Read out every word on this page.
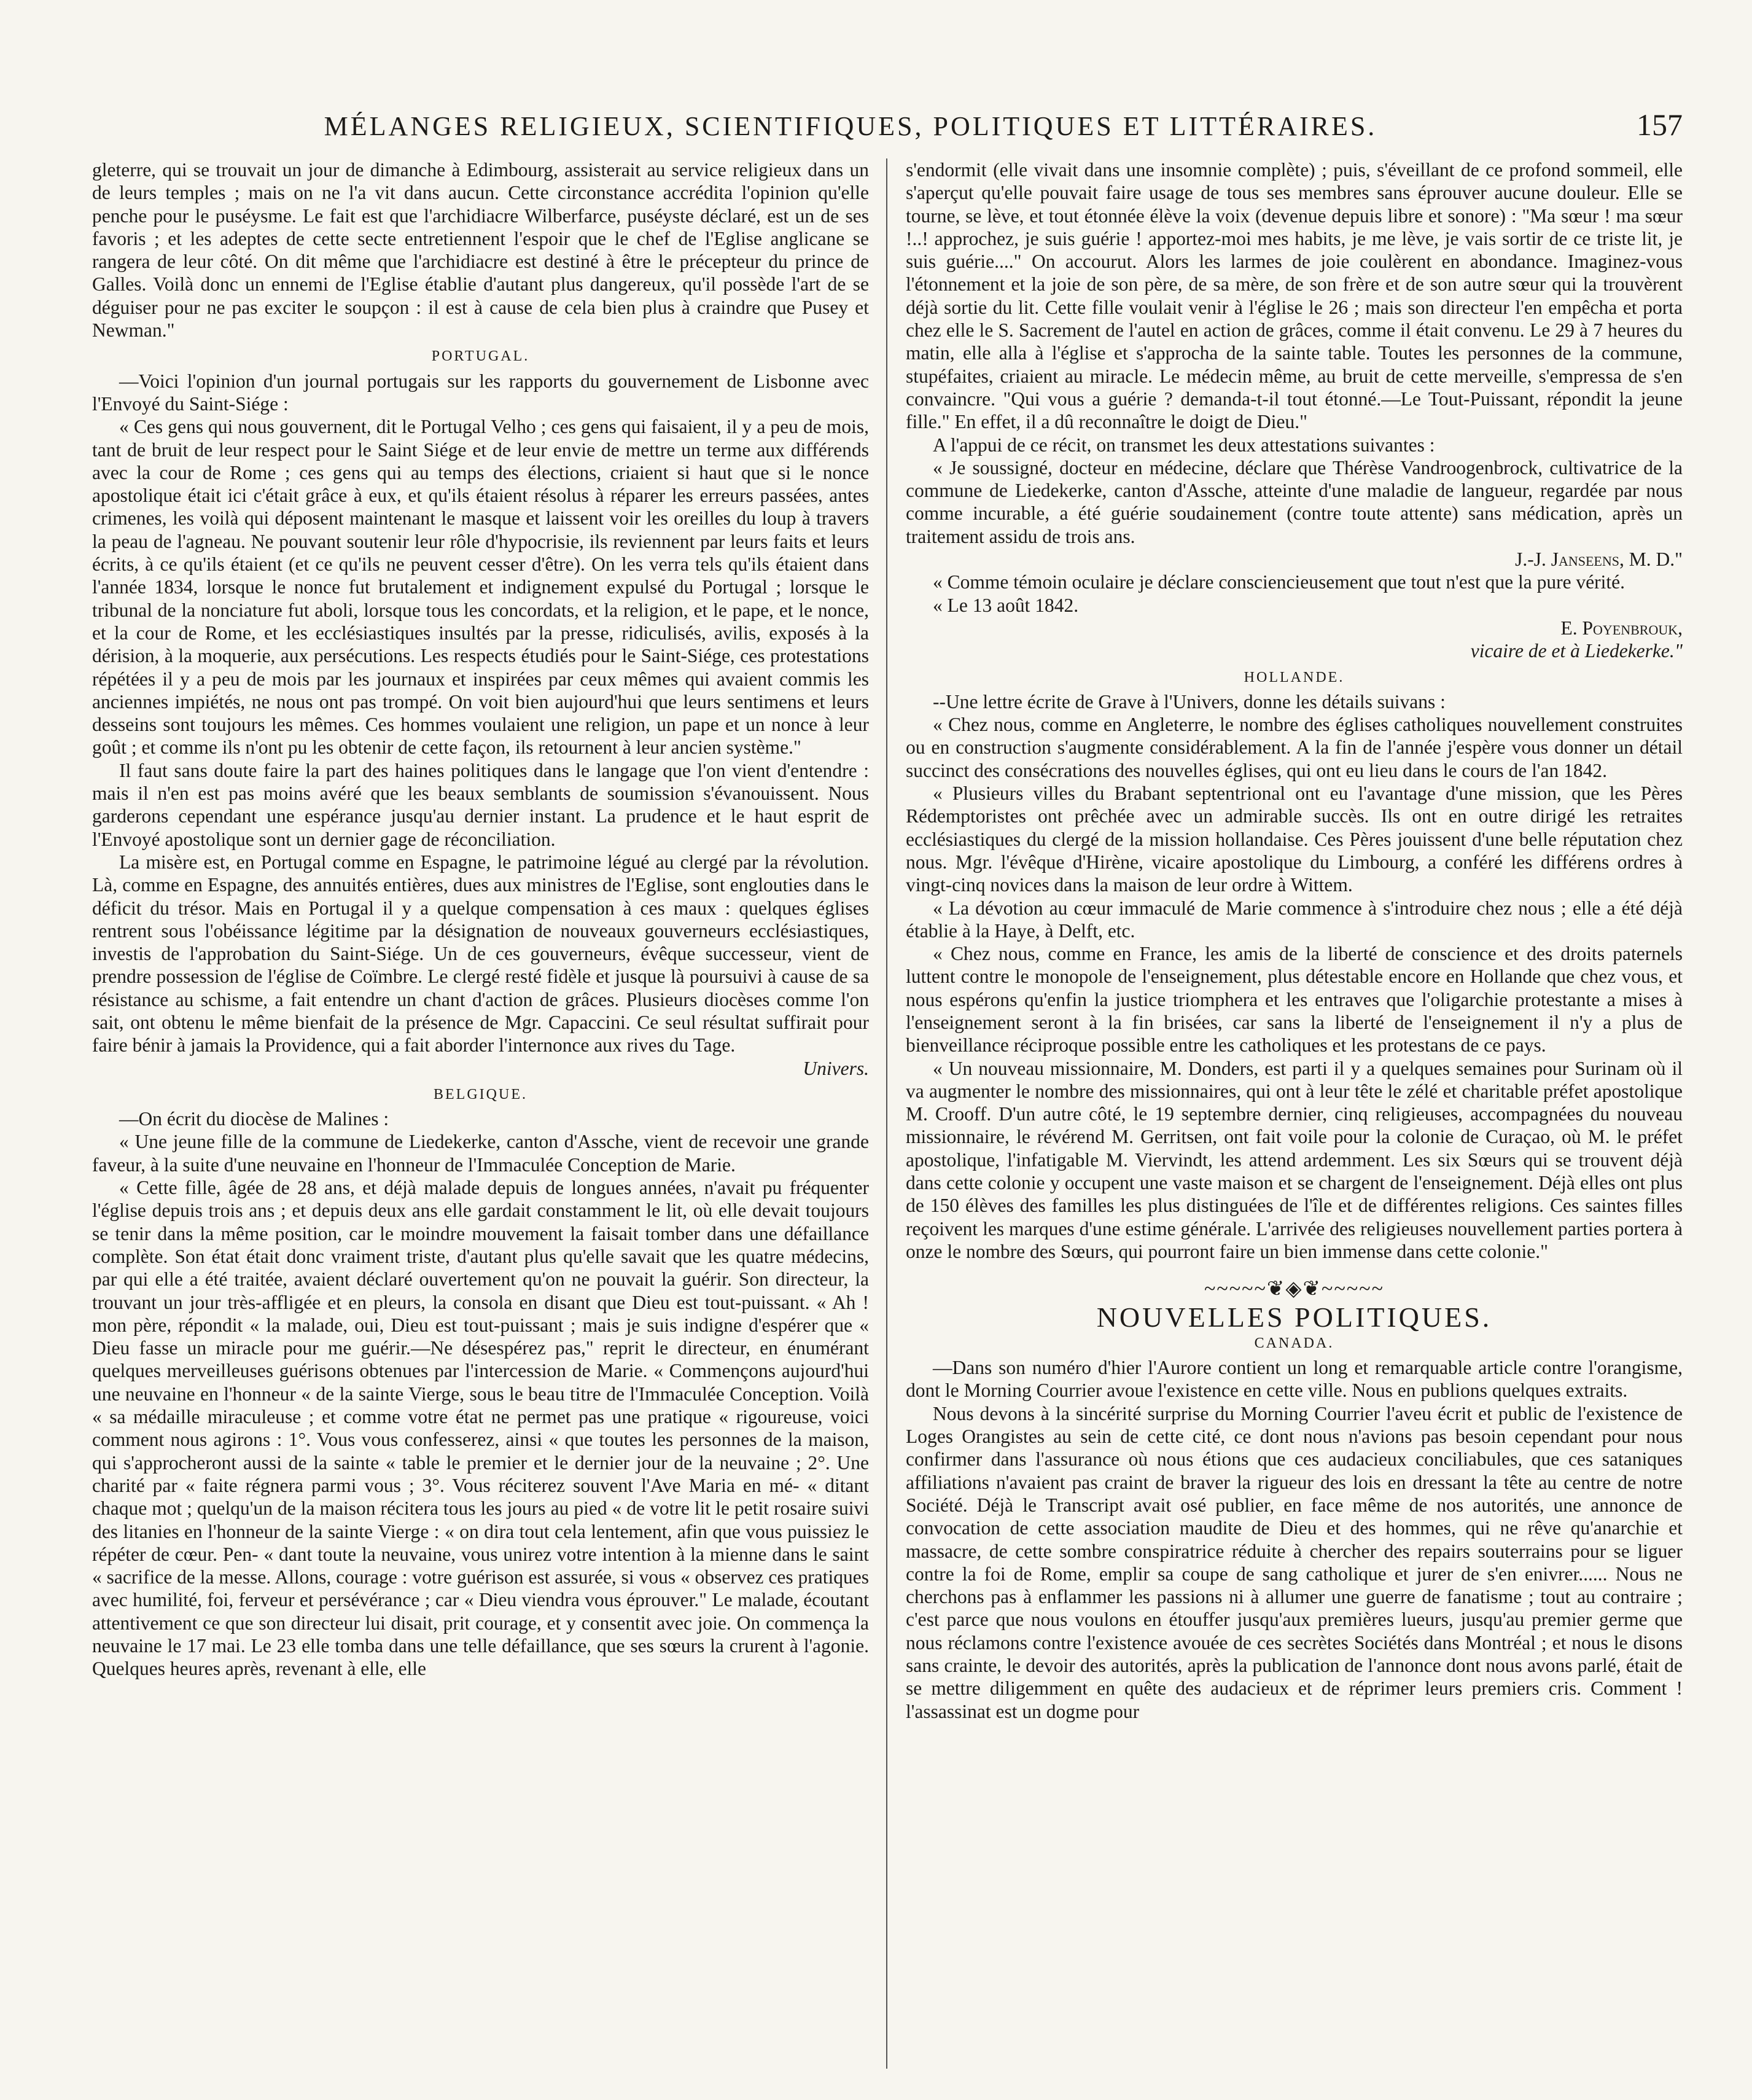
MÉLANGES RELIGIEUX, SCIENTIFIQUES, POLITIQUES ET LITTÉRAIRES.	157

gleterre, qui se trouvait un jour de dimanche à Edimbourg, assisterait au service religieux dans un de leurs temples ; mais on ne l'a vit dans aucun. Cette circonstance accrédita l'opinion qu'elle penche pour le puséysme. Le fait est que l'archidiacre Wilberfarce, puséyste déclaré, est un de ses favoris ; et les adeptes de cette secte entretiennent l'espoir que le chef de l'Eglise anglicane se rangera de leur côté. On dit même que l'archidiacre est destiné à être le précepteur du prince de Galles. Voilà donc un ennemi de l'Eglise établie d'autant plus dangereux, qu'il possède l'art de se déguiser pour ne pas exciter le soupçon : il est à cause de cela bien plus à craindre que Pusey et Newman."

PORTUGAL.

—Voici l'opinion d'un journal portugais sur les rapports du gouvernement de Lisbonne avec l'Envoyé du Saint-Siége :

« Ces gens qui nous gouvernent, dit le Portugal Velho ; ces gens qui faisaient, il y a peu de mois, tant de bruit de leur respect pour le Saint Siége et de leur envie de mettre un terme aux différends avec la cour de Rome ; ces gens qui au temps des élections, criaient si haut que si le nonce apostolique était ici c'était grâce à eux, et qu'ils étaient résolus à réparer les erreurs passées, antes crimenes, les voilà qui déposent maintenant le masque et laissent voir les oreilles du loup à travers la peau de l'agneau. Ne pouvant soutenir leur rôle d'hypocrisie, ils reviennent par leurs faits et leurs écrits, à ce qu'ils étaient (et ce qu'ils ne peuvent cesser d'être). On les verra tels qu'ils étaient dans l'année 1834, lorsque le nonce fut brutalement et indignement expulsé du Portugal ; lorsque le tribunal de la nonciature fut aboli, lorsque tous les concordats, et la religion, et le pape, et le nonce, et la cour de Rome, et les ecclésiastiques insultés par la presse, ridiculisés, avilis, exposés à la dérision, à la moquerie, aux persécutions. Les respects étudiés pour le Saint-Siége, ces protestations répétées il y a peu de mois par les journaux et inspirées par ceux mêmes qui avaient commis les anciennes impiétés, ne nous ont pas trompé. On voit bien aujourd'hui que leurs sentimens et leurs desseins sont toujours les mêmes. Ces hommes voulaient une religion, un pape et un nonce à leur goût ; et comme ils n'ont pu les obtenir de cette façon, ils retournent à leur ancien système."

Il faut sans doute faire la part des haines politiques dans le langage que l'on vient d'entendre : mais il n'en est pas moins avéré que les beaux semblants de soumission s'évanouissent. Nous garderons cependant une espérance jusqu'au dernier instant. La prudence et le haut esprit de l'Envoyé apostolique sont un dernier gage de réconciliation.

La misère est, en Portugal comme en Espagne, le patrimoine légué au clergé par la révolution. Là, comme en Espagne, des annuités entières, dues aux ministres de l'Eglise, sont englouties dans le déficit du trésor. Mais en Portugal il y a quelque compensation à ces maux : quelques églises rentrent sous l'obéissance légitime par la désignation de nouveaux gouverneurs ecclésiastiques, investis de l'approbation du Saint-Siége. Un de ces gouverneurs, évêque successeur, vient de prendre possession de l'église de Coïmbre. Le clergé resté fidèle et jusque là poursuivi à cause de sa résistance au schisme, a fait entendre un chant d'action de grâces. Plusieurs diocèses comme l'on sait, ont obtenu le même bienfait de la présence de Mgr. Capaccini. Ce seul résultat suffirait pour faire bénir à jamais la Providence, qui a fait aborder l'internonce aux rives du Tage.

Univers.
BELGIQUE.

—On écrit du diocèse de Malines :

« Une jeune fille de la commune de Liedekerke, canton d'Assche, vient de recevoir une grande faveur, à la suite d'une neuvaine en l'honneur de l'Immaculée Conception de Marie.

« Cette fille, âgée de 28 ans, et déjà malade depuis de longues années, n'avait pu fréquenter l'église depuis trois ans ; et depuis deux ans elle gardait constamment le lit, où elle devait toujours se tenir dans la même position, car le moindre mouvement la faisait tomber dans une défaillance complète. Son état était donc vraiment triste, d'autant plus qu'elle savait que les quatre médecins, par qui elle a été traitée, avaient déclaré ouvertement qu'on ne pouvait la guérir. Son directeur, la trouvant un jour très-affligée et en pleurs, la consola en disant que Dieu est tout-puissant. « Ah ! mon père, répondit « la malade, oui, Dieu est tout-puissant ; mais je suis indigne d'espérer que « Dieu fasse un miracle pour me guérir.—Ne désespérez pas," reprit le directeur, en énumérant quelques merveilleuses guérisons obtenues par l'intercession de Marie. « Commençons aujourd'hui une neuvaine en l'honneur « de la sainte Vierge, sous le beau titre de l'Immaculée Conception. Voilà « sa médaille miraculeuse ; et comme votre état ne permet pas une pratique « rigoureuse, voici comment nous agirons : 1°. Vous vous confesserez, ainsi « que toutes les personnes de la maison, qui s'approcheront aussi de la sainte « table le premier et le dernier jour de la neuvaine ; 2°. Une charité par « faite régnera parmi vous ; 3°. Vous réciterez souvent l'Ave Maria en mé- « ditant chaque mot ; quelqu'un de la maison récitera tous les jours au pied « de votre lit le petit rosaire suivi des litanies en l'honneur de la sainte Vierge : « on dira tout cela lentement, afin que vous puissiez le répéter de cœur. Pen- « dant toute la neuvaine, vous unirez votre intention à la mienne dans le saint « sacrifice de la messe. Allons, courage : votre guérison est assurée, si vous « observez ces pratiques avec humilité, foi, ferveur et persévérance ; car « Dieu viendra vous éprouver." Le malade, écoutant attentivement ce que son directeur lui disait, prit courage, et y consentit avec joie. On commença la neuvaine le 17 mai. Le 23 elle tomba dans une telle défaillance, que ses sœurs la crurent à l'agonie. Quelques heures après, revenant à elle, elle

s'endormit (elle vivait dans une insomnie complète) ; puis, s'éveillant de ce profond sommeil, elle s'aperçut qu'elle pouvait faire usage de tous ses membres sans éprouver aucune douleur. Elle se tourne, se lève, et tout étonnée élève la voix (devenue depuis libre et sonore) : "Ma sœur ! ma sœur !..! approchez, je suis guérie ! apportez-moi mes habits, je me lève, je vais sortir de ce triste lit, je suis guérie...." On accourut. Alors les larmes de joie coulèrent en abondance. Imaginez-vous l'étonnement et la joie de son père, de sa mère, de son frère et de son autre sœur qui la trouvèrent déjà sortie du lit. Cette fille voulait venir à l'église le 26 ; mais son directeur l'en empêcha et porta chez elle le S. Sacrement de l'autel en action de grâces, comme il était convenu. Le 29 à 7 heures du matin, elle alla à l'église et s'approcha de la sainte table. Toutes les personnes de la commune, stupéfaites, criaient au miracle. Le médecin même, au bruit de cette merveille, s'empressa de s'en convaincre. "Qui vous a guérie ? demanda-t-il tout étonné.—Le Tout-Puissant, répondit la jeune fille." En effet, il a dû reconnaître le doigt de Dieu."

A l'appui de ce récit, on transmet les deux attestations suivantes :

« Je soussigné, docteur en médecine, déclare que Thérèse Vandroogenbrock, cultivatrice de la commune de Liedekerke, canton d'Assche, atteinte d'une maladie de langueur, regardée par nous comme incurable, a été guérie soudainement (contre toute attente) sans médication, après un traitement assidu de trois ans.

J.-J. Janseens, M. D."

« Comme témoin oculaire je déclare consciencieusement que tout n'est que la pure vérité.

« Le 13 août 1842.

E. Poyenbrouk,
vicaire de et à Liedekerke."
HOLLANDE.

--Une lettre écrite de Grave à l'Univers, donne les détails suivans :

« Chez nous, comme en Angleterre, le nombre des églises catholiques nouvellement construites ou en construction s'augmente considérablement. A la fin de l'année j'espère vous donner un détail succinct des consécrations des nouvelles églises, qui ont eu lieu dans le cours de l'an 1842.

« Plusieurs villes du Brabant septentrional ont eu l'avantage d'une mission, que les Pères Rédemptoristes ont prêchée avec un admirable succès. Ils ont en outre dirigé les retraites ecclésiastiques du clergé de la mission hollandaise. Ces Pères jouissent d'une belle réputation chez nous. Mgr. l'évêque d'Hirène, vicaire apostolique du Limbourg, a conféré les différens ordres à vingt-cinq novices dans la maison de leur ordre à Wittem.

« La dévotion au cœur immaculé de Marie commence à s'introduire chez nous ; elle a été déjà établie à la Haye, à Delft, etc.

« Chez nous, comme en France, les amis de la liberté de conscience et des droits paternels luttent contre le monopole de l'enseignement, plus détestable encore en Hollande que chez vous, et nous espérons qu'enfin la justice triomphera et les entraves que l'oligarchie protestante a mises à l'enseignement seront à la fin brisées, car sans la liberté de l'enseignement il n'y a plus de bienveillance réciproque possible entre les catholiques et les protestans de ce pays.

« Un nouveau missionnaire, M. Donders, est parti il y a quelques semaines pour Surinam où il va augmenter le nombre des missionnaires, qui ont à leur tête le zélé et charitable préfet apostolique M. Crooff. D'un autre côté, le 19 septembre dernier, cinq religieuses, accompagnées du nouveau missionnaire, le révérend M. Gerritsen, ont fait voile pour la colonie de Curaçao, où M. le préfet apostolique, l'infatigable M. Viervindt, les attend ardemment. Les six Sœurs qui se trouvent déjà dans cette colonie y occupent une vaste maison et se chargent de l'enseignement. Déjà elles ont plus de 150 élèves des familles les plus distinguées de l'île et de différentes religions. Ces saintes filles reçoivent les marques d'une estime générale. L'arrivée des religieuses nouvellement parties portera à onze le nombre des Sœurs, qui pourront faire un bien immense dans cette colonie."

~~~~~❦◈❦~~~~~
NOUVELLES POLITIQUES.
CANADA.

—Dans son numéro d'hier l'Aurore contient un long et remarquable article contre l'orangisme, dont le Morning Courrier avoue l'existence en cette ville. Nous en publions quelques extraits.

Nous devons à la sincérité surprise du Morning Courrier l'aveu écrit et public de l'existence de Loges Orangistes au sein de cette cité, ce dont nous n'avions pas besoin cependant pour nous confirmer dans l'assurance où nous étions que ces audacieux conciliabules, que ces sataniques affiliations n'avaient pas craint de braver la rigueur des lois en dressant la tête au centre de notre Société. Déjà le Transcript avait osé publier, en face même de nos autorités, une annonce de convocation de cette association maudite de Dieu et des hommes, qui ne rêve qu'anarchie et massacre, de cette sombre conspiratrice réduite à chercher des repairs souterrains pour se liguer contre la foi de Rome, emplir sa coupe de sang catholique et jurer de s'en enivrer...... Nous ne cherchons pas à enflammer les passions ni à allumer une guerre de fanatisme ; tout au contraire ; c'est parce que nous voulons en étouffer jusqu'aux premières lueurs, jusqu'au premier germe que nous réclamons contre l'existence avouée de ces secrètes Sociétés dans Montréal ; et nous le disons sans crainte, le devoir des autorités, après la publication de l'annonce dont nous avons parlé, était de se mettre diligemment en quête des audacieux et de réprimer leurs premiers cris. Comment ! l'assassinat est un dogme pour
